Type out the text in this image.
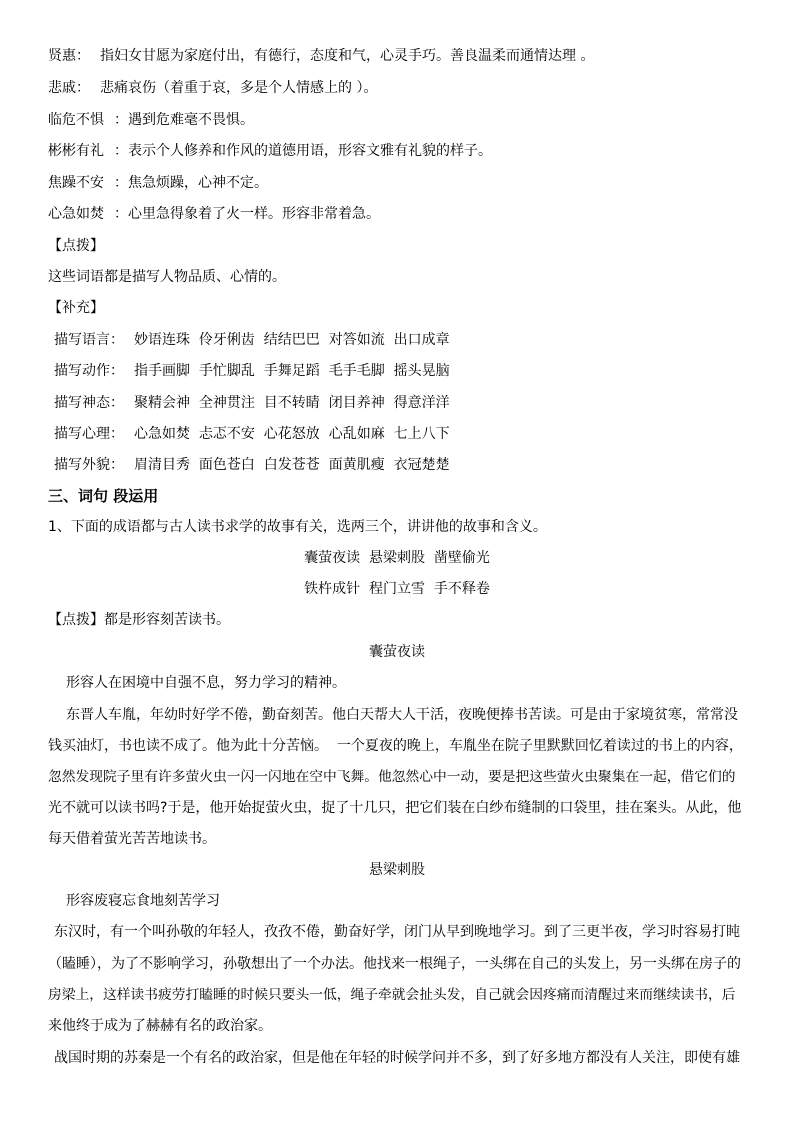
贤惠： 指妇女甘愿为家庭付出，有德行，态度和气，心灵手巧。善良温柔而通情达理 。
悲戚： 悲痛哀伤（着重于哀，多是个人情感上的 ）。
临危不惧 ：遇到危难毫不畏惧。
彬彬有礼 ：表示个人修养和作风的道德用语，形容文雅有礼貌的样子。
焦躁不安 ：焦急烦躁，心神不定。
心急如焚 ：心里急得象着了火一样。形容非常着急。
【点拨】
这些词语都是描写人物品质、心情的。
【补充】
描写语言： 妙语连珠  伶牙俐齿  结结巴巴  对答如流  出口成章
描写动作： 指手画脚  手忙脚乱  手舞足蹈  毛手毛脚  摇头晃脑
描写神态： 聚精会神  全神贯注  目不转睛  闭目养神  得意洋洋
描写心理： 心急如焚  忐忑不安  心花怒放  心乱如麻  七上八下
描写外貌： 眉清目秀  面色苍白  白发苍苍  面黄肌瘦  衣冠楚楚
三、词句 段运用
1、下面的成语都与古人读书求学的故事有关，选两三个，讲讲他的故事和含义。
囊萤夜读  悬梁刺股  凿壁偷光
铁杵成针  程门立雪  手不释卷
【点拨】都是形容刻苦读书。
囊萤夜读
形容人在困境中自强不息，努力学习的精神。
东晋人车胤，年幼时好学不倦，勤奋刻苦。他白天帮大人干活，夜晚便捧书苦读。可是由于家境贫寒，常常没
钱买油灯，书也读不成了。他为此十分苦恼。  一个夏夜的晚上，车胤坐在院子里默默回忆着读过的书上的内容，
忽然发现院子里有许多萤火虫一闪一闪地在空中飞舞。他忽然心中一动，要是把这些萤火虫聚集在一起，借它们的
光不就可以读书吗?于是，他开始捉萤火虫，捉了十几只，把它们装在白纱布缝制的口袋里，挂在案头。从此，他
每天借着萤光苦苦地读书。
悬梁刺股
形容废寝忘食地刻苦学习
东汉时，有一个叫孙敬的年轻人，孜孜不倦，勤奋好学，闭门从早到晚地学习。到了三更半夜，学习时容易打盹
（瞌睡），为了不影响学习，孙敬想出了一个办法。他找来一根绳子，一头绑在自己的头发上，另一头绑在房子的
房梁上，这样读书疲劳打瞌睡的时候只要头一低，绳子牵就会扯头发，自己就会因疼痛而清醒过来而继续读书，后
来他终于成为了赫赫有名的政治家。
战国时期的苏秦是一个有名的政治家，但是他在年轻的时候学问并不多，到了好多地方都没有人关注，即使有雄
